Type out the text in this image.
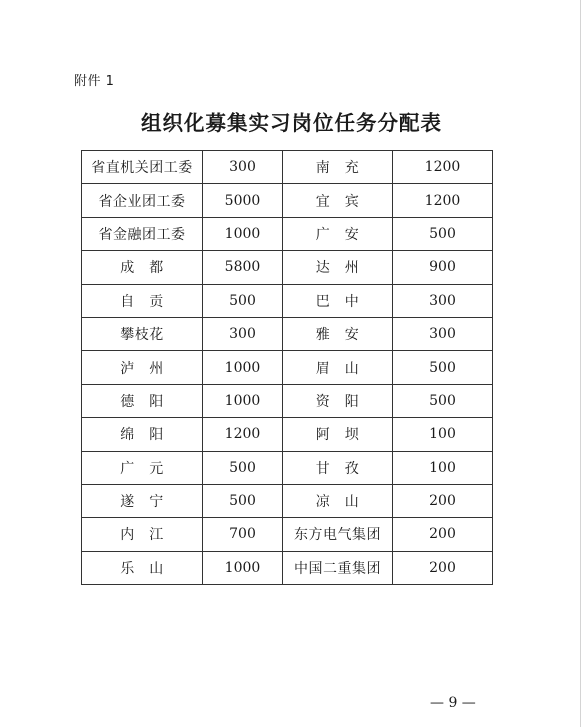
附件 1
组织化募集实习岗位任务分配表
省直机关团工委	300	南　充	1200
省企业团工委	5000	宜　宾	1200
省金融团工委	1000	广　安	500
成　都	5800	达　州	900
自　贡	500	巴　中	300
攀枝花	300	雅　安	300
泸　州	1000	眉　山	500
德　阳	1000	资　阳	500
绵　阳	1200	阿　坝	100
广　元	500	甘　孜	100
遂　宁	500	凉　山	200
内　江	700	东方电气集团	200
乐　山	1000	中国二重集团	200
— 9 —
